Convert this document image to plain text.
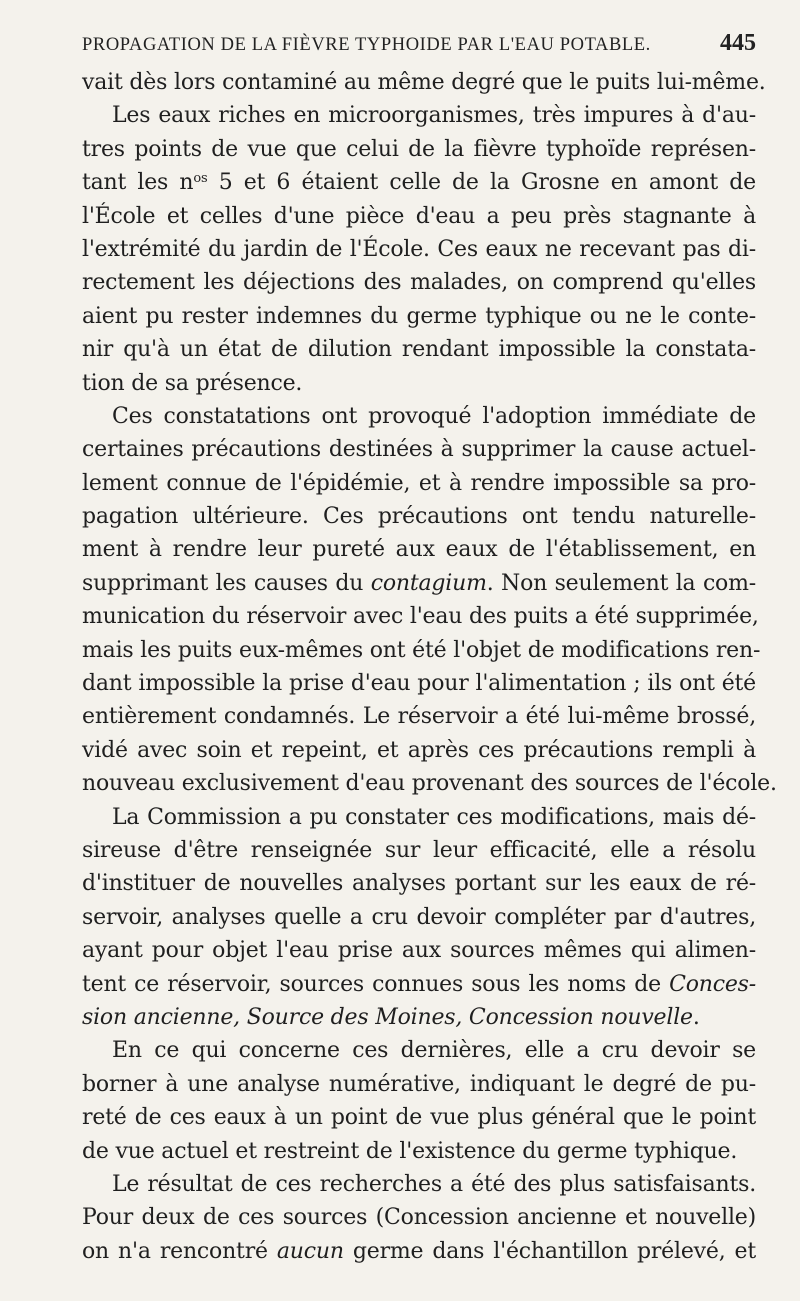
PROPAGATION DE LA FIÈVRE TYPHOIDE PAR L'EAU POTABLE.	445
vait dès lors contaminé au même degré que le puits lui-même.
Les eaux riches en microorganismes, très impures à d'au-
tres points de vue que celui de la fièvre typhoïde représen-
tant les $n^{os}$ 5 et 6 étaient celle de la Grosne en amont de
l'École et celles d'une pièce d'eau a peu près stagnante à
l'extrémité du jardin de l'École. Ces eaux ne recevant pas di-
rectement les déjections des malades, on comprend qu'elles
aient pu rester indemnes du germe typhique ou ne le conte-
nir qu'à un état de dilution rendant impossible la constata-
tion de sa présence.
Ces constatations ont provoqué l'adoption immédiate de
certaines précautions destinées à supprimer la cause actuel-
lement connue de l'épidémie, et à rendre impossible sa pro-
pagation ultérieure. Ces précautions ont tendu naturelle-
ment à rendre leur pureté aux eaux de l'établissement, en
supprimant les causes du contagium. Non seulement la com-
munication du réservoir avec l'eau des puits a été supprimée,
mais les puits eux-mêmes ont été l'objet de modifications ren-
dant impossible la prise d'eau pour l'alimentation ; ils ont été
entièrement condamnés. Le réservoir a été lui-même brossé,
vidé avec soin et repeint, et après ces précautions rempli à
nouveau exclusivement d'eau provenant des sources de l'école.
La Commission a pu constater ces modifications, mais dé-
sireuse d'être renseignée sur leur efficacité, elle a résolu
d'instituer de nouvelles analyses portant sur les eaux de ré-
servoir, analyses quelle a cru devoir compléter par d'autres,
ayant pour objet l'eau prise aux sources mêmes qui alimen-
tent ce réservoir, sources connues sous les noms de Conces-
sion ancienne, Source des Moines, Concession nouvelle.
En ce qui concerne ces dernières, elle a cru devoir se
borner à une analyse numérative, indiquant le degré de pu-
reté de ces eaux à un point de vue plus général que le point
de vue actuel et restreint de l'existence du germe typhique.
Le résultat de ces recherches a été des plus satisfaisants.
Pour deux de ces sources (Concession ancienne et nouvelle)
on n'a rencontré aucun germe dans l'échantillon prélevé, et
